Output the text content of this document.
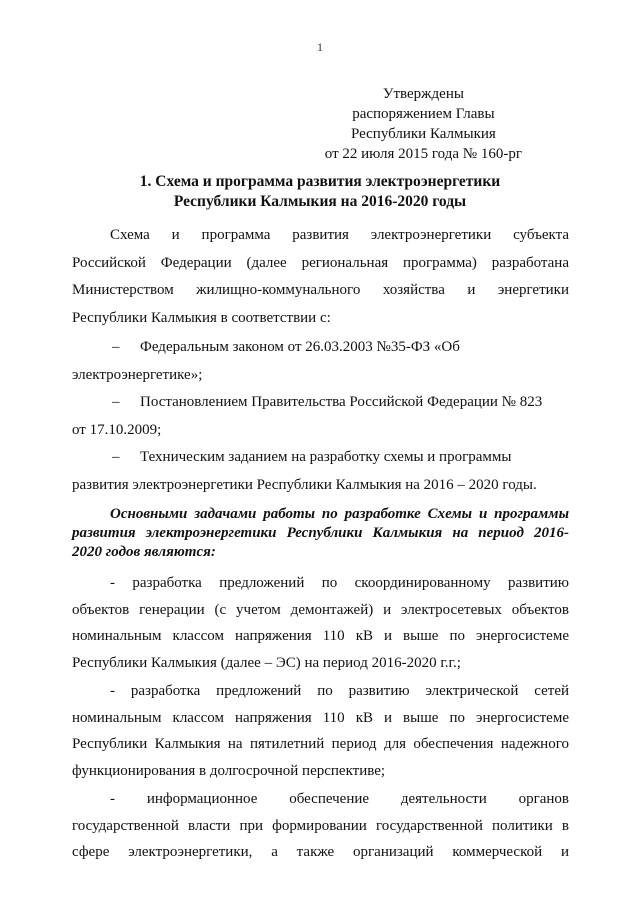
1
Утверждены
распоряжением Главы
Республики Калмыкия
от 22 июля 2015 года № 160-рг
1. Схема и программа развития электроэнергетики
Республики Калмыкия на 2016-2020 годы
Схема и программа развития электроэнергетики субъекта
Российской Федерации (далее региональная программа) разработана
Министерством жилищно-коммунального хозяйства и энергетики
Республики Калмыкия в соответствии с:
– Федеральным законом от 26.03.2003 №35-ФЗ «Об
электроэнергетике»;
– Постановлением Правительства Российской Федерации № 823
от 17.10.2009;
– Техническим заданием на разработку схемы и программы
развития электроэнергетики Республики Калмыкия на 2016 – 2020 годы.
Основными задачами работы по разработке Схемы и программы
развития электроэнергетики Республики Калмыкия на период 2016-
2020 годов являются:
- разработка предложений по скоординированному развитию
объектов генерации (с учетом демонтажей) и электросетевых объектов
номинальным классом напряжения 110 кВ и выше по энергосистеме
Республики Калмыкия (далее – ЭС) на период 2016-2020 г.г.;
- разработка предложений по развитию электрической сетей
номинальным классом напряжения 110 кВ и выше по энергосистеме
Республики Калмыкия на пятилетний период для обеспечения надежного
функционирования в долгосрочной перспективе;
- информационное обеспечение деятельности органов
государственной власти при формировании государственной политики в
сфере электроэнергетики, а также организаций коммерческой и
